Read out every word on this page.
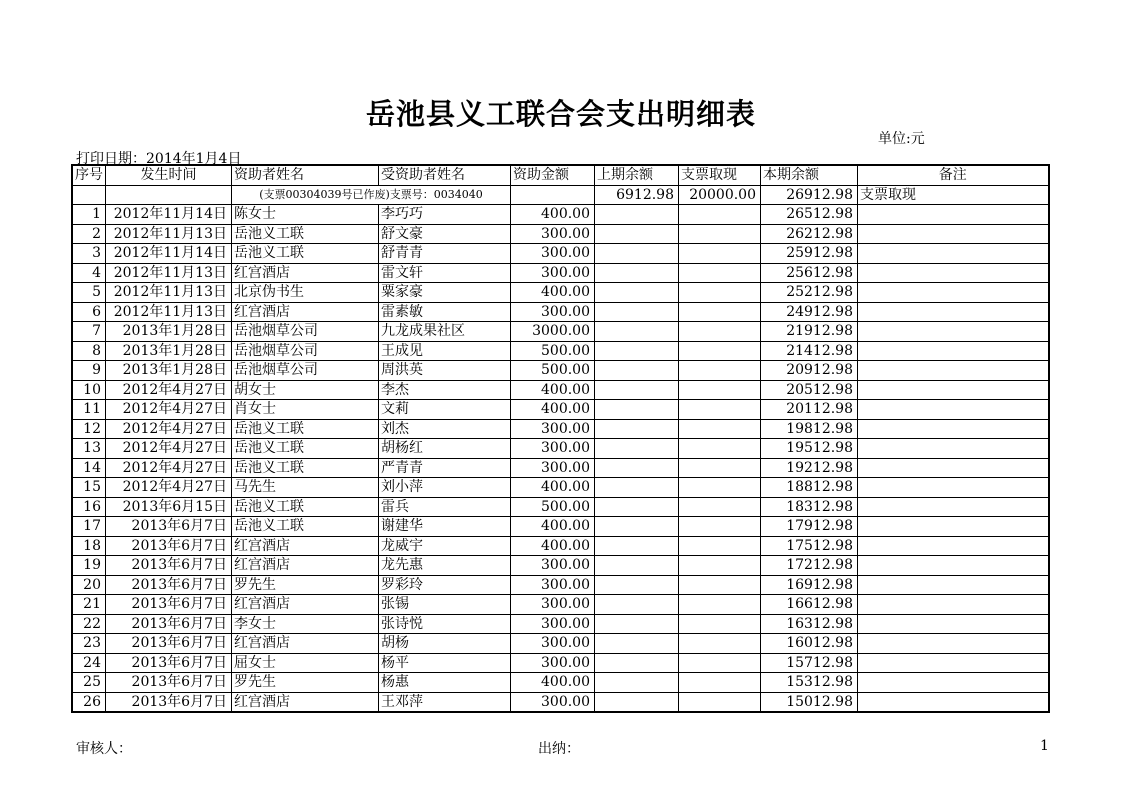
岳池县义工联合会支出明细表
单位:元
打印日期：2014年1月4日
序号	发生时间	资助者姓名	受资助者姓名	资助金额	上期余额	支票取现	本期余额	备注
		(支票00304039号已作废)支票号：0034040			6912.98	20000.00	26912.98	支票取现
1	2012年11月14日	陈女士	李巧巧	400.00			26512.98	
2	2012年11月13日	岳池义工联	舒文豪	300.00			26212.98	
3	2012年11月14日	岳池义工联	舒青青	300.00			25912.98	
4	2012年11月13日	红宫酒店	雷文轩	300.00			25612.98	
5	2012年11月13日	北京伪书生	粟家豪	400.00			25212.98	
6	2012年11月13日	红宫酒店	雷素敏	300.00			24912.98	
7	2013年1月28日	岳池烟草公司	九龙成果社区	3000.00			21912.98	
8	2013年1月28日	岳池烟草公司	王成见	500.00			21412.98	
9	2013年1月28日	岳池烟草公司	周洪英	500.00			20912.98	
10	2012年4月27日	胡女士	李杰	400.00			20512.98	
11	2012年4月27日	肖女士	文莉	400.00			20112.98	
12	2012年4月27日	岳池义工联	刘杰	300.00			19812.98	
13	2012年4月27日	岳池义工联	胡杨红	300.00			19512.98	
14	2012年4月27日	岳池义工联	严青青	300.00			19212.98	
15	2012年4月27日	马先生	刘小萍	400.00			18812.98	
16	2013年6月15日	岳池义工联	雷兵	500.00			18312.98	
17	2013年6月7日	岳池义工联	谢建华	400.00			17912.98	
18	2013年6月7日	红宫酒店	龙威宇	400.00			17512.98	
19	2013年6月7日	红宫酒店	龙先惠	300.00			17212.98	
20	2013年6月7日	罗先生	罗彩玲	300.00			16912.98	
21	2013年6月7日	红宫酒店	张锡	300.00			16612.98	
22	2013年6月7日	李女士	张诗悦	300.00			16312.98	
23	2013年6月7日	红宫酒店	胡杨	300.00			16012.98	
24	2013年6月7日	屈女士	杨平	300.00			15712.98	
25	2013年6月7日	罗先生	杨惠	400.00			15312.98	
26	2013年6月7日	红宫酒店	王邓萍	300.00			15012.98	
审核人：	出纳：	1
